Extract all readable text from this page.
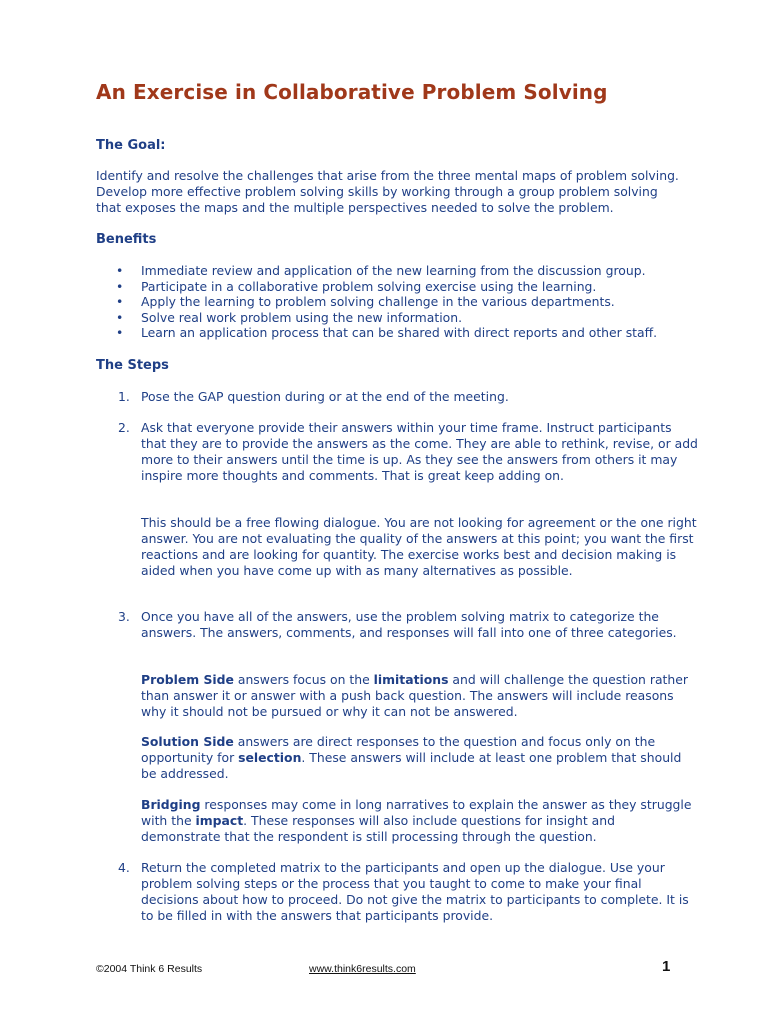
An Exercise in Collaborative Problem Solving
The Goal:

Identify and resolve the challenges that arise from the three mental maps of problem solving. Develop more effective problem solving skills by working through a group problem solving that exposes the maps and the multiple perspectives needed to solve the problem.

Benefits
• Immediate review and application of the new learning from the discussion group.
• Participate in a collaborative problem solving exercise using the learning.
• Apply the learning to problem solving challenge in the various departments.
• Solve real work problem using the new information.
• Learn an application process that can be shared with direct reports and other staff.
The Steps
1. Pose the GAP question during or at the end of the meeting.
2. Ask that everyone provide their answers within your time frame. Instruct participants that they are to provide the answers as the come. They are able to rethink, revise, or add more to their answers until the time is up. As they see the answers from others it may inspire more thoughts and comments. That is great keep adding on.

This should be a free flowing dialogue. You are not looking for agreement or the one right answer. You are not evaluating the quality of the answers at this point; you want the first reactions and are looking for quantity. The exercise works best and decision making is aided when you have come up with as many alternatives as possible.

3. Once you have all of the answers, use the problem solving matrix to categorize the answers. The answers, comments, and responses will fall into one of three categories.

Problem Side answers focus on the limitations and will challenge the question rather than answer it or answer with a push back question. The answers will include reasons why it should not be pursued or why it can not be answered.

Solution Side answers are direct responses to the question and focus only on the opportunity for selection. These answers will include at least one problem that should be addressed.

Bridging responses may come in long narratives to explain the answer as they struggle with the impact. These responses will also include questions for insight and demonstrate that the respondent is still processing through the question.

4. Return the completed matrix to the participants and open up the dialogue. Use your problem solving steps or the process that you taught to come to make your final decisions about how to proceed. Do not give the matrix to participants to complete. It is to be filled in with the answers that participants provide.
©2004 Think 6 Results	www.think6results.com	1
